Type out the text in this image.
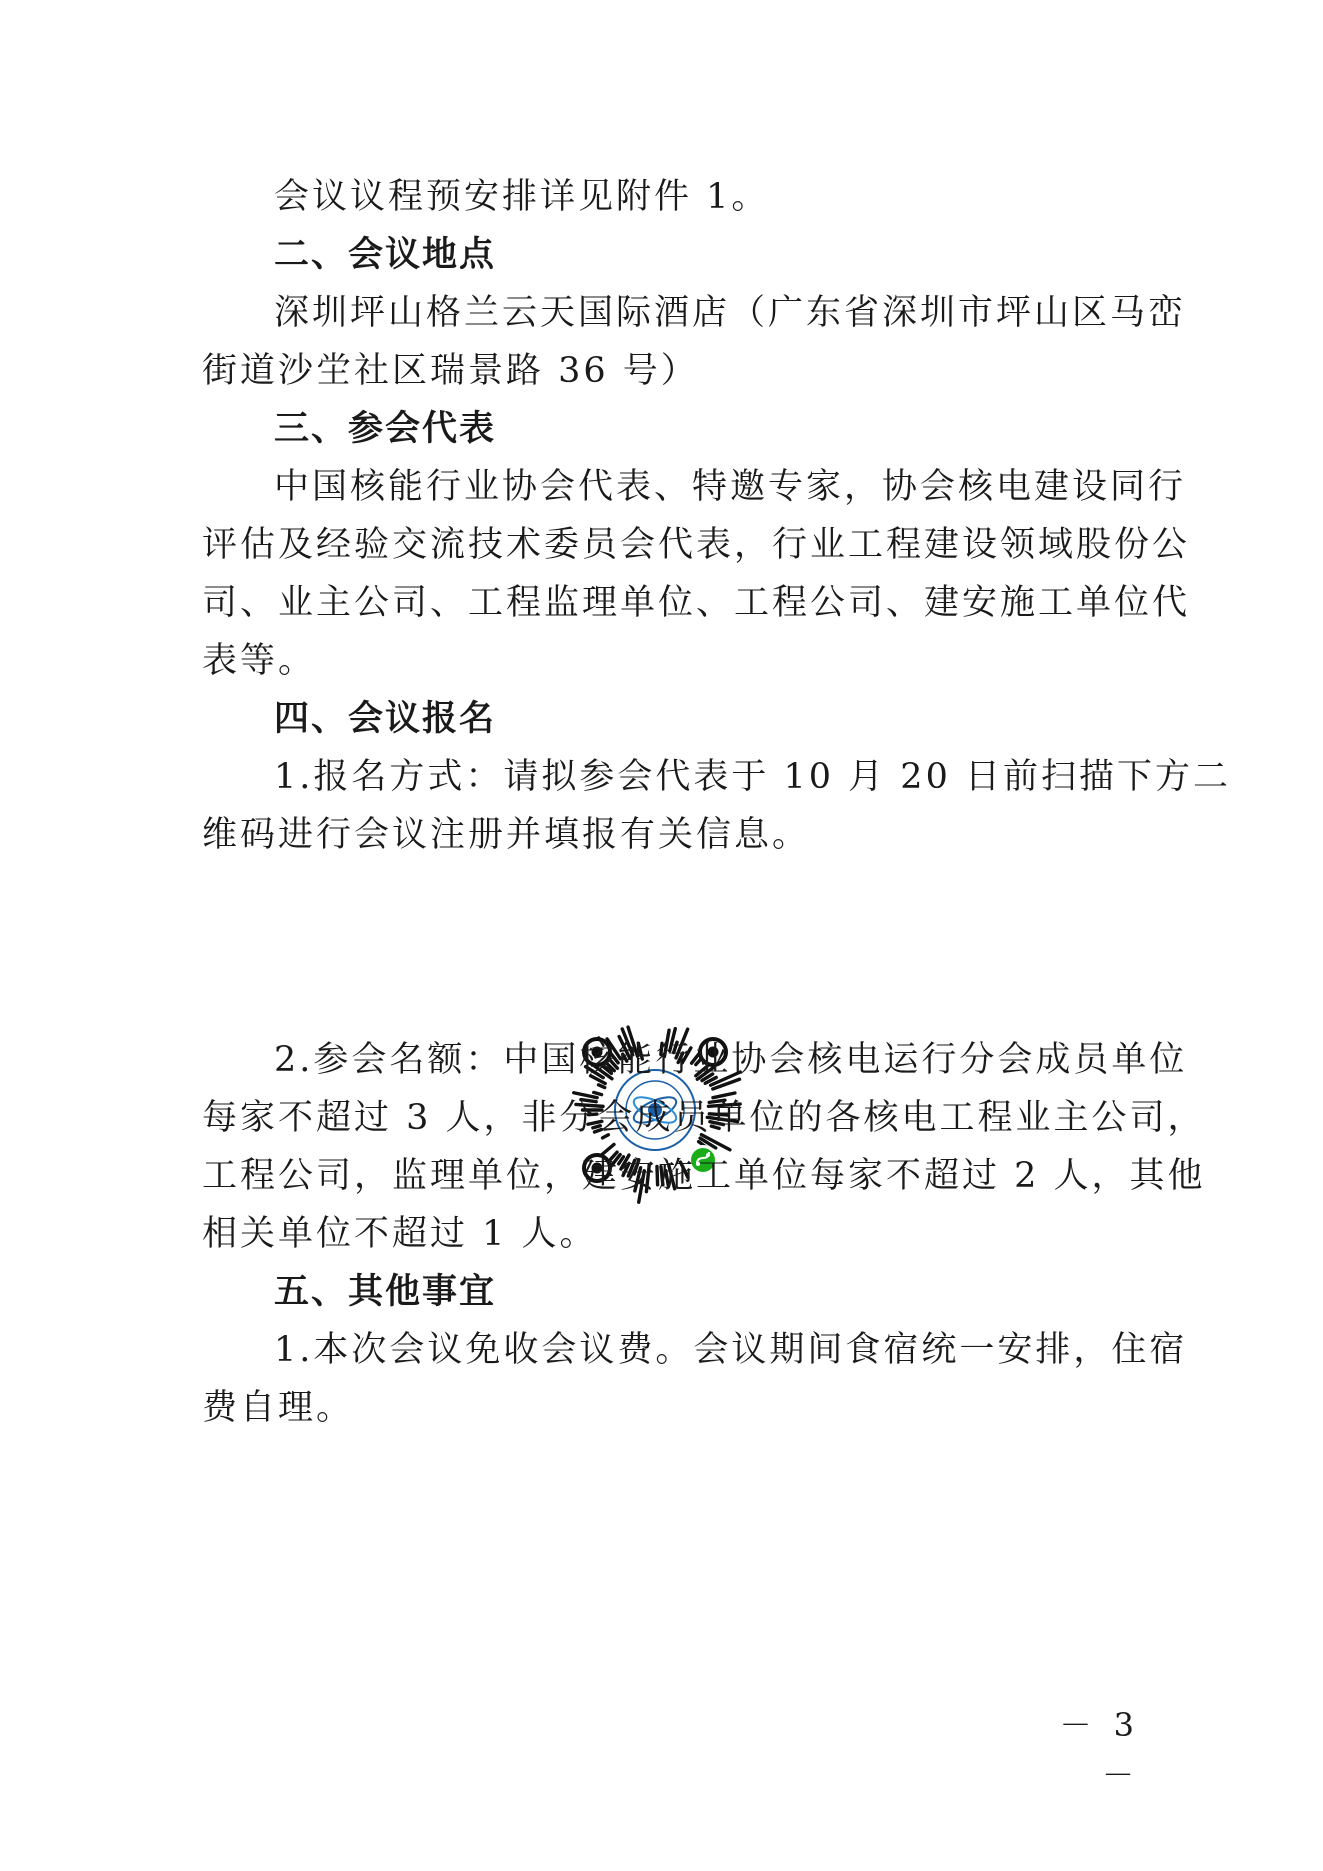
会议议程预安排详见附件 1。
二、会议地点
深圳坪山格兰云天国际酒店（广东省深圳市坪山区马峦
街道沙坣社区瑞景路 36 号）
三、参会代表
中国核能行业协会代表、特邀专家，协会核电建设同行
评估及经验交流技术委员会代表，行业工程建设领域股份公
司、业主公司、工程监理单位、工程公司、建安施工单位代
表等。
四、会议报名
1.报名方式：请拟参会代表于 10 月 20 日前扫描下方二
维码进行会议注册并填报有关信息。
2.参会名额：中国核能行业协会核电运行分会成员单位
每家不超过 3 人，非分会成员单位的各核电工程业主公司，
工程公司，监理单位，建安施工单位每家不超过 2 人，其他
相关单位不超过 1 人。
五、其他事宜
1.本次会议免收会议费。会议期间食宿统一安排，住宿
费自理。
－ 3 －
